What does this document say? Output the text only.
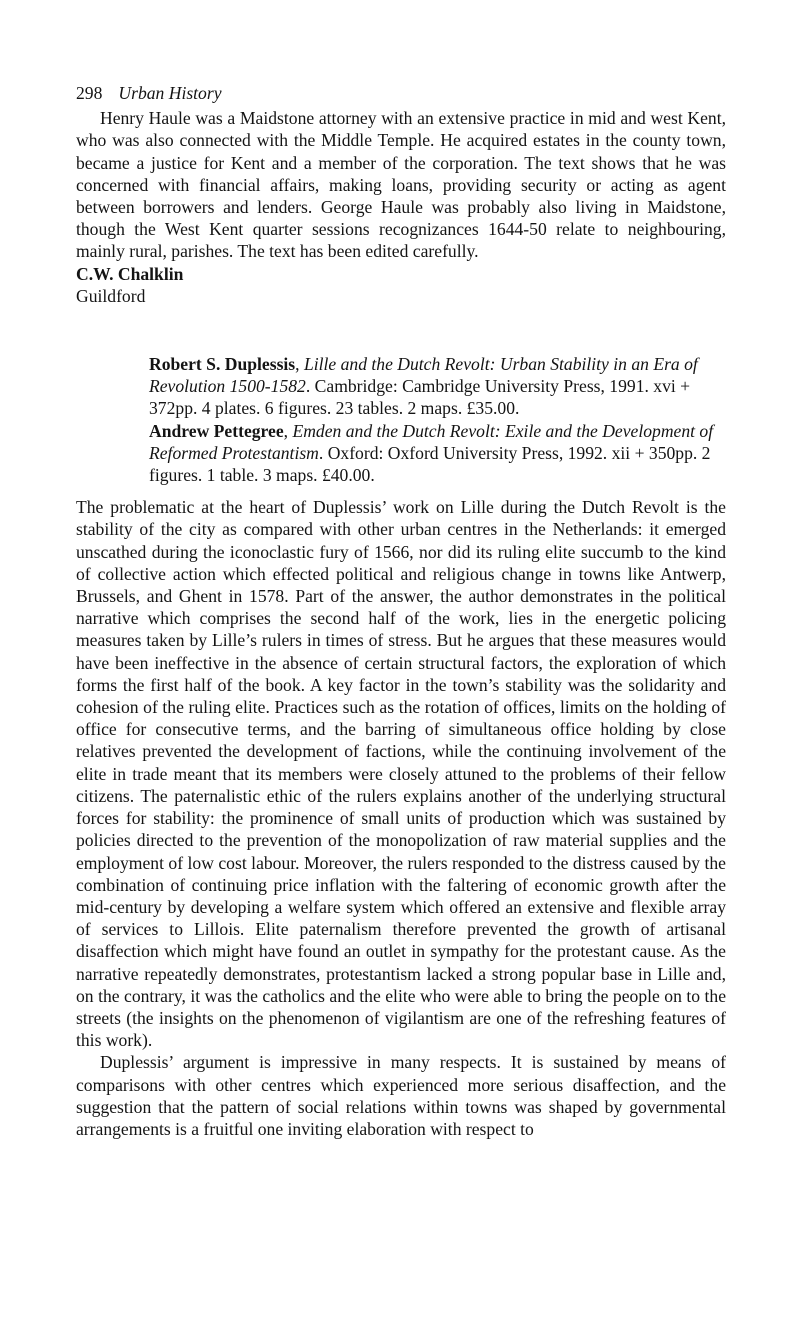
298 Urban History

Henry Haule was a Maidstone attorney with an extensive practice in mid and west Kent, who was also connected with the Middle Temple. He acquired estates in the county town, became a justice for Kent and a member of the corporation. The text shows that he was concerned with financial affairs, making loans, providing security or acting as agent between borrowers and lenders. George Haule was probably also living in Maidstone, though the West Kent quarter sessions recognizances 1644-50 relate to neighbouring, mainly rural, parishes. The text has been edited carefully.

C.W. Chalklin

Guildford

Robert S. Duplessis, Lille and the Dutch Revolt: Urban Stability in an Era of Revolution 1500-1582. Cambridge: Cambridge University Press, 1991. xvi + 372pp. 4 plates. 6 figures. 23 tables. 2 maps. £35.00.

Andrew Pettegree, Emden and the Dutch Revolt: Exile and the Development of Reformed Protestantism. Oxford: Oxford University Press, 1992. xii + 350pp. 2 figures. 1 table. 3 maps. £40.00.

The problematic at the heart of Duplessis’ work on Lille during the Dutch Revolt is the stability of the city as compared with other urban centres in the Netherlands: it emerged unscathed during the iconoclastic fury of 1566, nor did its ruling elite succumb to the kind of collective action which effected political and religious change in towns like Antwerp, Brussels, and Ghent in 1578. Part of the answer, the author demonstrates in the political narrative which comprises the second half of the work, lies in the energetic policing measures taken by Lille’s rulers in times of stress. But he argues that these measures would have been ineffective in the absence of certain structural factors, the exploration of which forms the first half of the book. A key factor in the town’s stability was the solidarity and cohesion of the ruling elite. Practices such as the rotation of offices, limits on the holding of office for consecutive terms, and the barring of simultaneous office holding by close relatives prevented the development of factions, while the continuing involvement of the elite in trade meant that its members were closely attuned to the problems of their fellow citizens. The paternalistic ethic of the rulers explains another of the underlying structural forces for stability: the prominence of small units of production which was sustained by policies directed to the prevention of the monopolization of raw material supplies and the employment of low cost labour. Moreover, the rulers responded to the distress caused by the combination of continuing price inflation with the faltering of economic growth after the mid-century by developing a welfare system which offered an extensive and flexible array of services to Lillois. Elite paternalism therefore prevented the growth of artisanal disaffection which might have found an outlet in sympathy for the protestant cause. As the narrative repeatedly demonstrates, protestantism lacked a strong popular base in Lille and, on the contrary, it was the catholics and the elite who were able to bring the people on to the streets (the insights on the phenomenon of vigilantism are one of the refreshing features of this work).

Duplessis’ argument is impressive in many respects. It is sustained by means of comparisons with other centres which experienced more serious disaffection, and the suggestion that the pattern of social relations within towns was shaped by governmental arrangements is a fruitful one inviting elaboration with respect to
